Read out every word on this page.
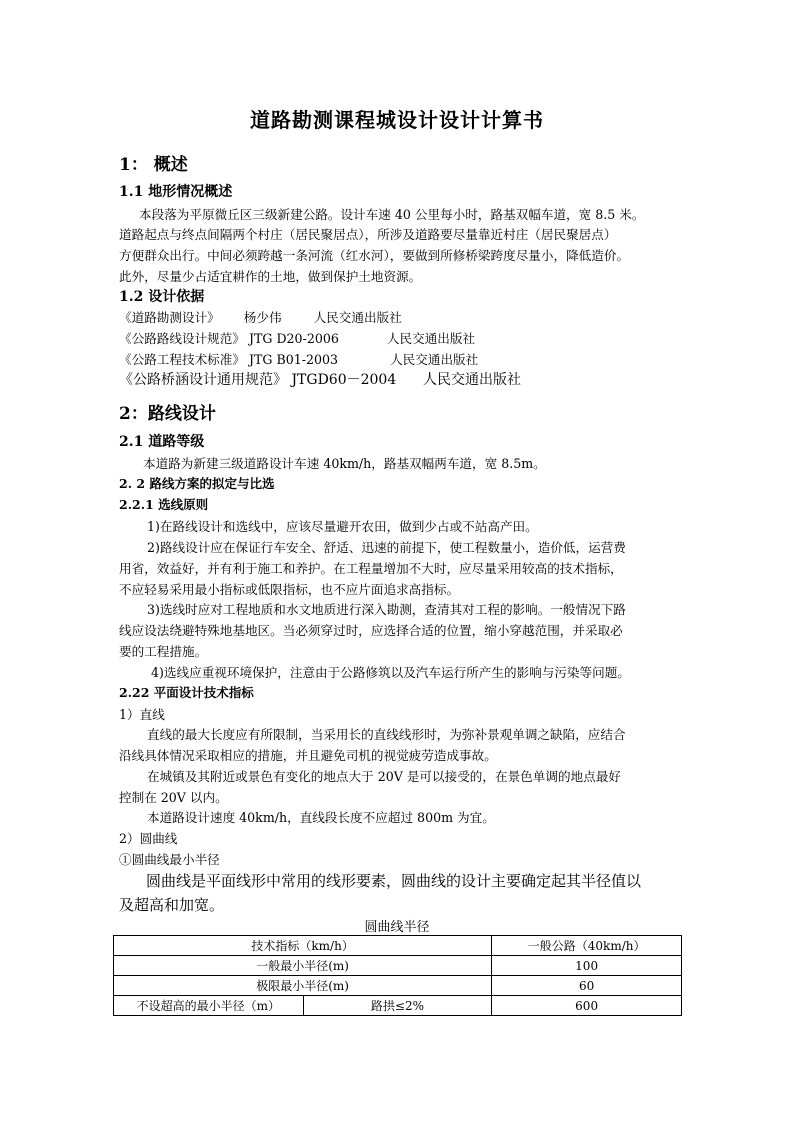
道路勘测课程城设计设计计算书
1： 概述
1.1 地形情况概述
本段落为平原微丘区三级新建公路。设计车速 40 公里每小时，路基双幅车道，宽 8.5 米。
道路起点与终点间隔两个村庄（居民聚居点），所涉及道路要尽量靠近村庄（居民聚居点）
方便群众出行。中间必须跨越一条河流（红水河），要做到所修桥梁跨度尽量小，降低造价。
此外，尽量少占适宜耕作的土地，做到保护土地资源。
1.2 设计依据
《道路勘测设计》      杨少伟        人民交通出版社
《公路路线设计规范》 JTG D20-2006            人民交通出版社
《公路工程技术标准》 JTG B01-2003             人民交通出版社
《公路桥涵设计通用规范》 JTGD60－2004      人民交通出版社
2：路线设计
2.1 道路等级
本道路为新建三级道路设计车速 40km/h，路基双幅两车道，宽 8.5m。
2. 2 路线方案的拟定与比选
2.2.1 选线原则
1)在路线设计和选线中，应该尽量避开农田，做到少占或不站高产田。
2)路线设计应在保证行车安全、舒适、迅速的前提下，使工程数量小，造价低，运营费
用省，效益好，并有利于施工和养护。在工程量增加不大时，应尽量采用较高的技术指标，
不应轻易采用最小指标或低限指标，也不应片面追求高指标。
3)选线时应对工程地质和水文地质进行深入勘测，查清其对工程的影响。一般情况下路
线应设法绕避特殊地基地区。当必须穿过时，应选择合适的位置，缩小穿越范围，并采取必
要的工程措施。
4)选线应重视环境保护，注意由于公路修筑以及汽车运行所产生的影响与污染等问题。
2.22 平面设计技术指标
1）直线
直线的最大长度应有所限制，当采用长的直线线形时，为弥补景观单调之缺陷，应结合
沿线具体情况采取相应的措施，并且避免司机的视觉疲劳造成事故。
在城镇及其附近或景色有变化的地点大于 20V 是可以接受的，在景色单调的地点最好
控制在 20V 以内。
本道路设计速度 40km/h，直线段长度不应超过 800m 为宜。
2）圆曲线
①圆曲线最小半径
圆曲线是平面线形中常用的线形要素，圆曲线的设计主要确定起其半径值以
及超高和加宽。
圆曲线半径
技术指标（km/h）		一般公路（40km/h）
一般最小半径(m)		100
极限最小半径(m)		60
不设超高的最小半径（m）	路拱≤2%	600
